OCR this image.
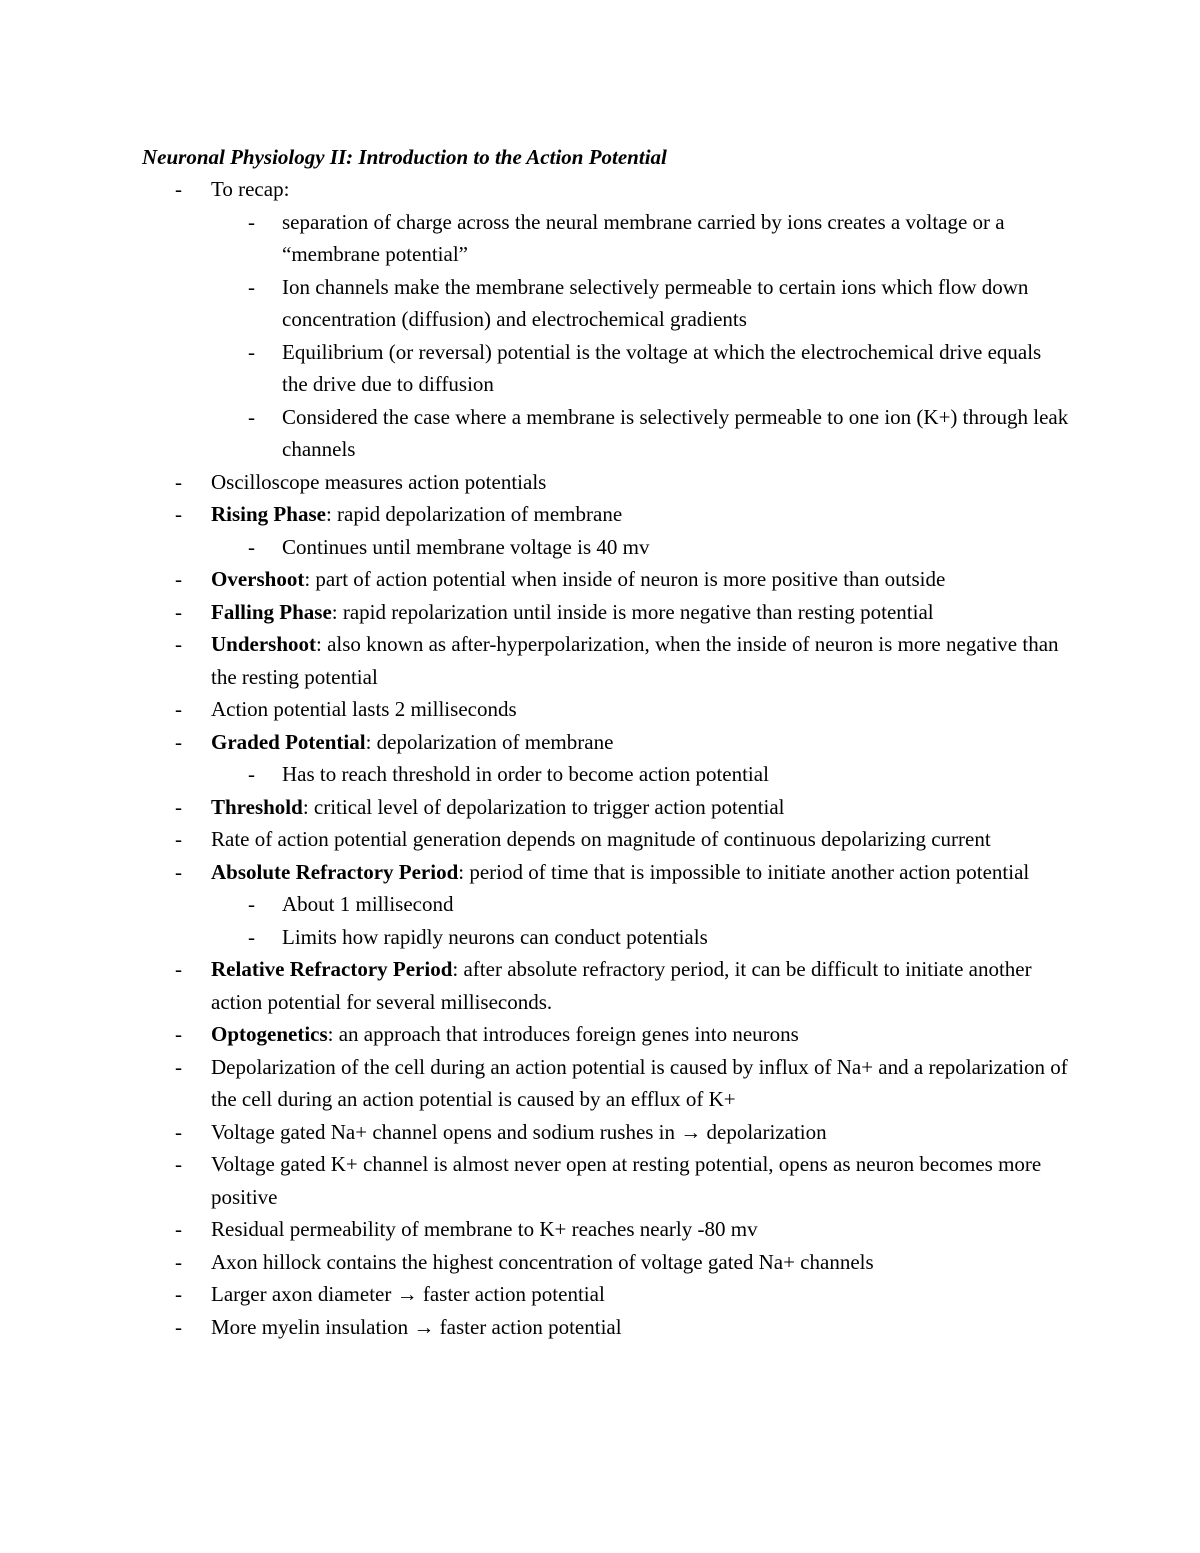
Neuronal Physiology II: Introduction to the Action Potential
- To recap:
- separation of charge across the neural membrane carried by ions creates a voltage or a “membrane potential”
- Ion channels make the membrane selectively permeable to certain ions which flow down concentration (diffusion) and electrochemical gradients
- Equilibrium (or reversal) potential is the voltage at which the electrochemical drive equals the drive due to diffusion
- Considered the case where a membrane is selectively permeable to one ion (K+) through leak channels
- Oscilloscope measures action potentials
- Rising Phase: rapid depolarization of membrane
- Continues until membrane voltage is 40 mv
- Overshoot: part of action potential when inside of neuron is more positive than outside
- Falling Phase: rapid repolarization until inside is more negative than resting potential
- Undershoot: also known as after-hyperpolarization, when the inside of neuron is more negative than the resting potential
- Action potential lasts 2 milliseconds
- Graded Potential: depolarization of membrane
- Has to reach threshold in order to become action potential
- Threshold: critical level of depolarization to trigger action potential
- Rate of action potential generation depends on magnitude of continuous depolarizing current
- Absolute Refractory Period: period of time that is impossible to initiate another action potential
- About 1 millisecond
- Limits how rapidly neurons can conduct potentials
- Relative Refractory Period: after absolute refractory period, it can be difficult to initiate another action potential for several milliseconds.
- Optogenetics: an approach that introduces foreign genes into neurons
- Depolarization of the cell during an action potential is caused by influx of Na+ and a repolarization of the cell during an action potential is caused by an efflux of K+
- Voltage gated Na+ channel opens and sodium rushes in → depolarization
- Voltage gated K+ channel is almost never open at resting potential, opens as neuron becomes more positive
- Residual permeability of membrane to K+ reaches nearly -80 mv
- Axon hillock contains the highest concentration of voltage gated Na+ channels
- Larger axon diameter → faster action potential
- More myelin insulation → faster action potential
